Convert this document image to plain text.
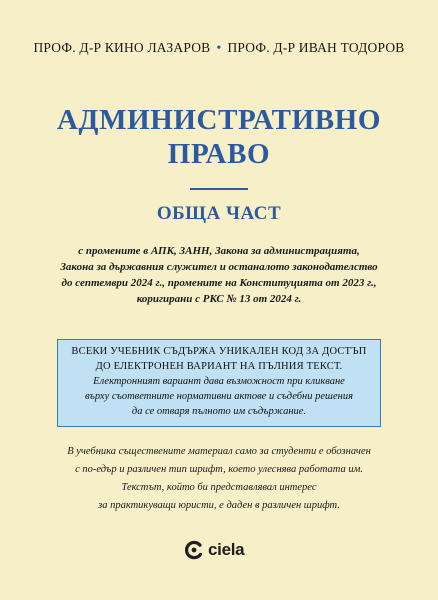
ПРОФ. Д-Р КИНО ЛАЗАРОВ • ПРОФ. Д-Р ИВАН ТОДОРОВ
АДМИНИСТРАТИВНО
ПРАВО
ОБЩА ЧАСТ
с промените в АПК, ЗАНН, Закона за администрацията,
Закона за държавния служител и останалото законодателство
до септември 2024 г., промените на Конституцията от 2023 г.,
коригирани с РКС № 13 от 2024 г.
ВСЕКИ УЧЕБНИК СЪДЪРЖА УНИКАЛЕН КОД ЗА ДОСТЪП
ДО ЕЛЕКТРОНЕН ВАРИАНТ НА ПЪЛНИЯ ТЕКСТ.
Електронният вариант дава възможност при кликване
върху съответните нормативни актове и съдебни решения
да се отваря пълното им съдържание.
В учебника съществените материал само за студенти е обозначен
с по-едър и различен тип шрифт, което улеснява работата им.
Текстът, който би представлявал интерес
за практикуващи юристи, е даден в различен шрифт.
ciela
